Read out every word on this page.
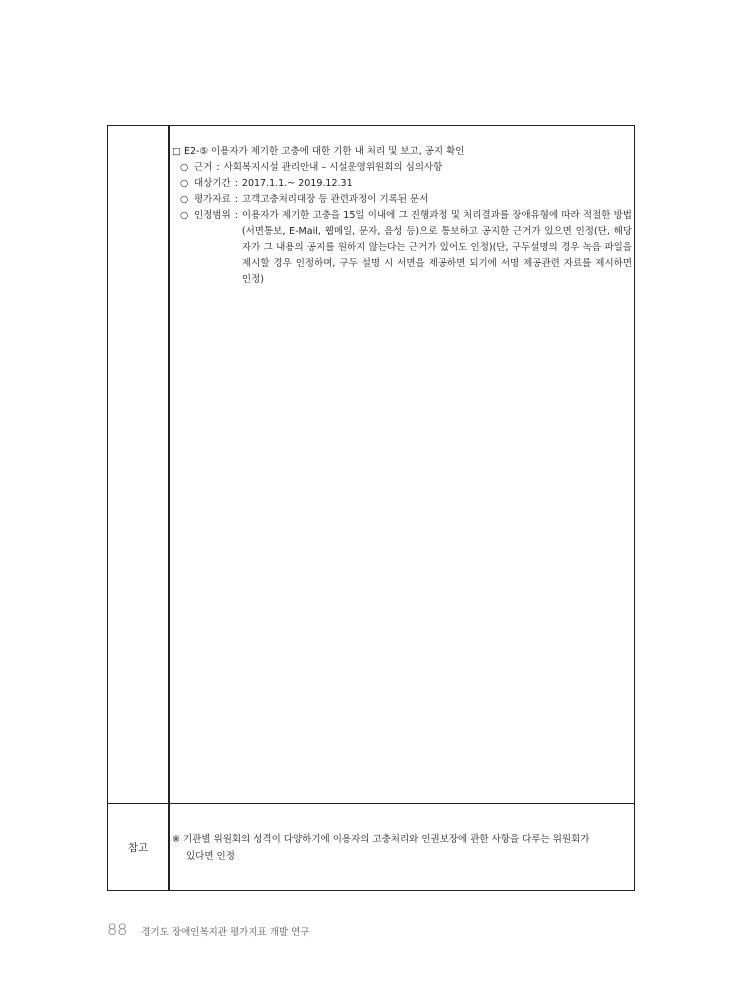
□ E2-⑤ 이용자가 제기한 고충에 대한 기한 내 처리 및 보고, 공지 확인
○ 근거 : 사회복지시설 관리안내 – 시설운영위원회의 심의사항
○ 대상기간 : 2017.1.1.~ 2019.12.31
○ 평가자료 : 고객고충처리대장 등 관련과정이 기록된 문서
○ 인정범위 : 이용자가 제기한 고충을 15일 이내에 그 진행과정 및 처리결과를 장애유형에 따라 적절한 방법(서면통보, E-Mail, 웹메일, 문자, 음성 등)으로 통보하고 공지한 근거가 있으면 인정(단, 해당자가 그 내용의 공지를 원하지 않는다는 근거가 있어도 인정)(단, 구두설명의 경우 녹음 파일을 제시할 경우 인정하며, 구두 설명 시 서면을 제공하면 되기에 서명 제공관련 자료를 제시하면 인정)
참고
※ 기관별 위원회의 성격이 다양하기에 이용자의 고충처리와 인권보장에 관한 사항을 다루는 위원회가
있다면 인정
88 경기도 장애인복지관 평가지표 개발 연구
